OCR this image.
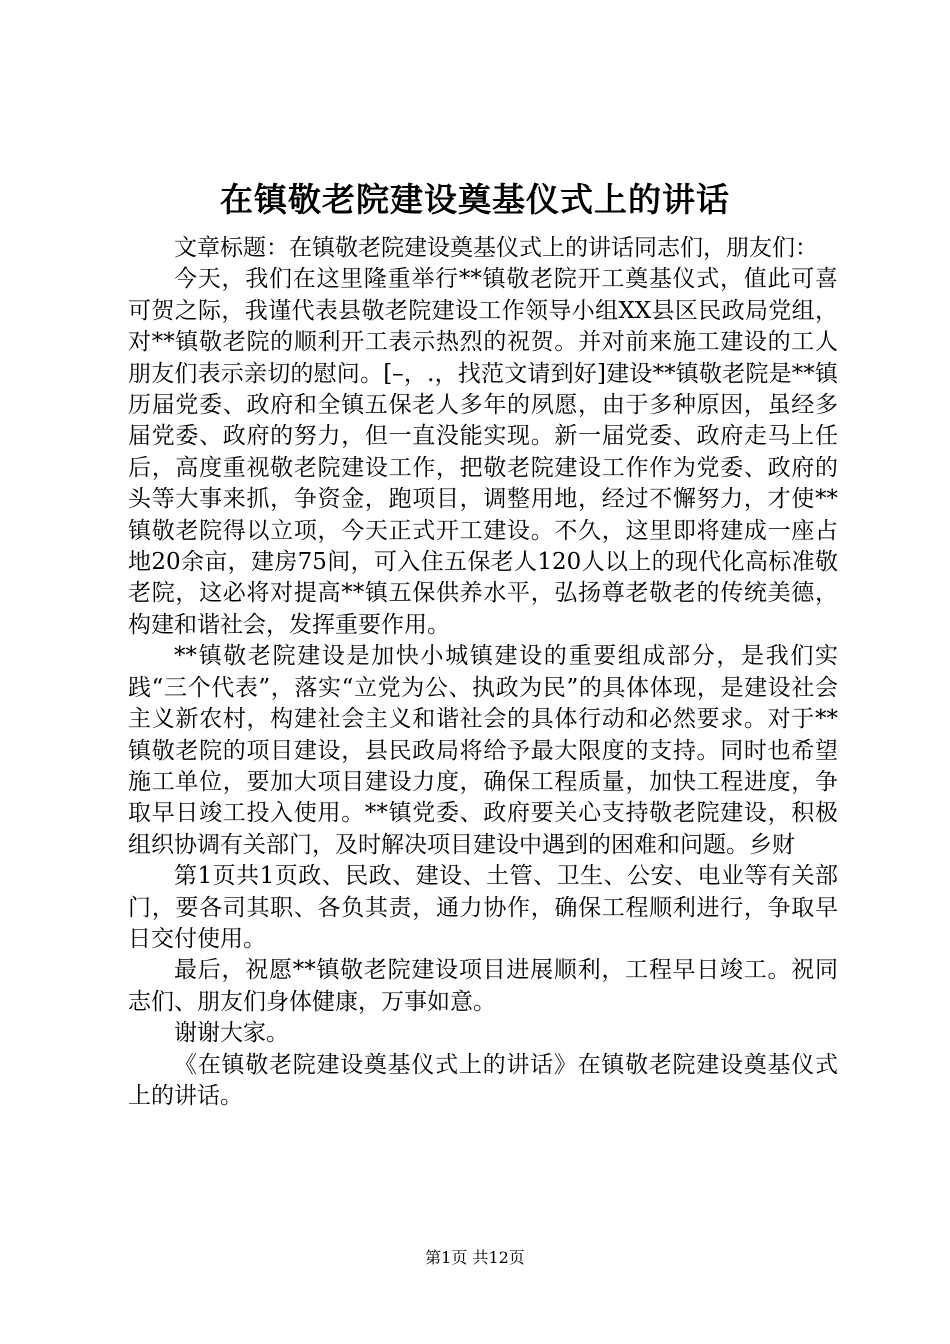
在镇敬老院建设奠基仪式上的讲话

文章标题：在镇敬老院建设奠基仪式上的讲话同志们，朋友们：

今天，我们在这里隆重举行**镇敬老院开工奠基仪式，值此可喜可贺之际，我谨代表县敬老院建设工作领导小组XX县区民政局党组，对**镇敬老院的顺利开工表示热烈的祝贺。并对前来施工建设的工人朋友们表示亲切的慰问。[–，.，找范文请到好]建设**镇敬老院是**镇历届党委、政府和全镇五保老人多年的夙愿，由于多种原因，虽经多届党委、政府的努力，但一直没能实现。新一届党委、政府走马上任后，高度重视敬老院建设工作，把敬老院建设工作作为党委、政府的头等大事来抓，争资金，跑项目，调整用地，经过不懈努力，才使**镇敬老院得以立项，今天正式开工建设。不久，这里即将建成一座占地20余亩，建房75间，可入住五保老人120人以上的现代化高标准敬老院，这必将对提高**镇五保供养水平，弘扬尊老敬老的传统美德，构建和谐社会，发挥重要作用。

**镇敬老院建设是加快小城镇建设的重要组成部分，是我们实践“三个代表”，落实“立党为公、执政为民”的具体体现，是建设社会主义新农村，构建社会主义和谐社会的具体行动和必然要求。对于**镇敬老院的项目建设，县民政局将给予最大限度的支持。同时也希望施工单位，要加大项目建设力度，确保工程质量，加快工程进度，争取早日竣工投入使用。**镇党委、政府要关心支持敬老院建设，积极组织协调有关部门，及时解决项目建设中遇到的困难和问题。乡财

第1页共1页政、民政、建设、土管、卫生、公安、电业等有关部门，要各司其职、各负其责，通力协作，确保工程顺利进行，争取早日交付使用。

最后，祝愿**镇敬老院建设项目进展顺利，工程早日竣工。祝同志们、朋友们身体健康，万事如意。

谢谢大家。

《在镇敬老院建设奠基仪式上的讲话》在镇敬老院建设奠基仪式上的讲话。

第1页 共12页
